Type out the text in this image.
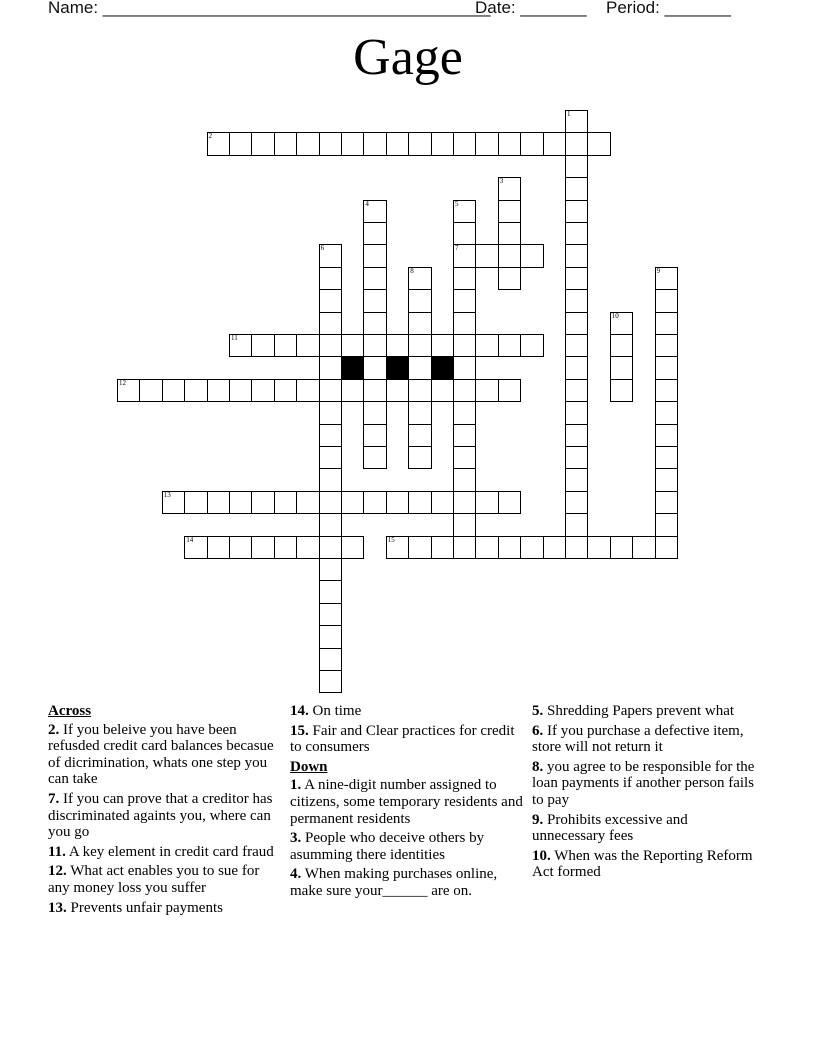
Name: _________________________________________
Date: _______ Period: _______
Gage
2
1
3
4	5
7
6
8	9
10
11
12
13
14	15
Across
2. If you beleive you have been refusded credit card balances becasue of dicrimination, whats one step you can take
7. If you can prove that a creditor has discriminated againts you, where can you go
11. A key element in credit card fraud
12. What act enables you to sue for any money loss you suffer
13. Prevents unfair payments
14. On time
15. Fair and Clear practices for credit to consumers
Down
1. A nine-digit number assigned to citizens, some temporary residents and permanent residents
3. People who deceive others by asumming there identities
4. When making purchases online, make sure your______ are on.
5. Shredding Papers prevent what
6. If you purchase a defective item, store will not return it
8. you agree to be responsible for the loan payments if another person fails to pay
9. Prohibits excessive and unnecessary fees
10. When was the Reporting Reform Act formed
